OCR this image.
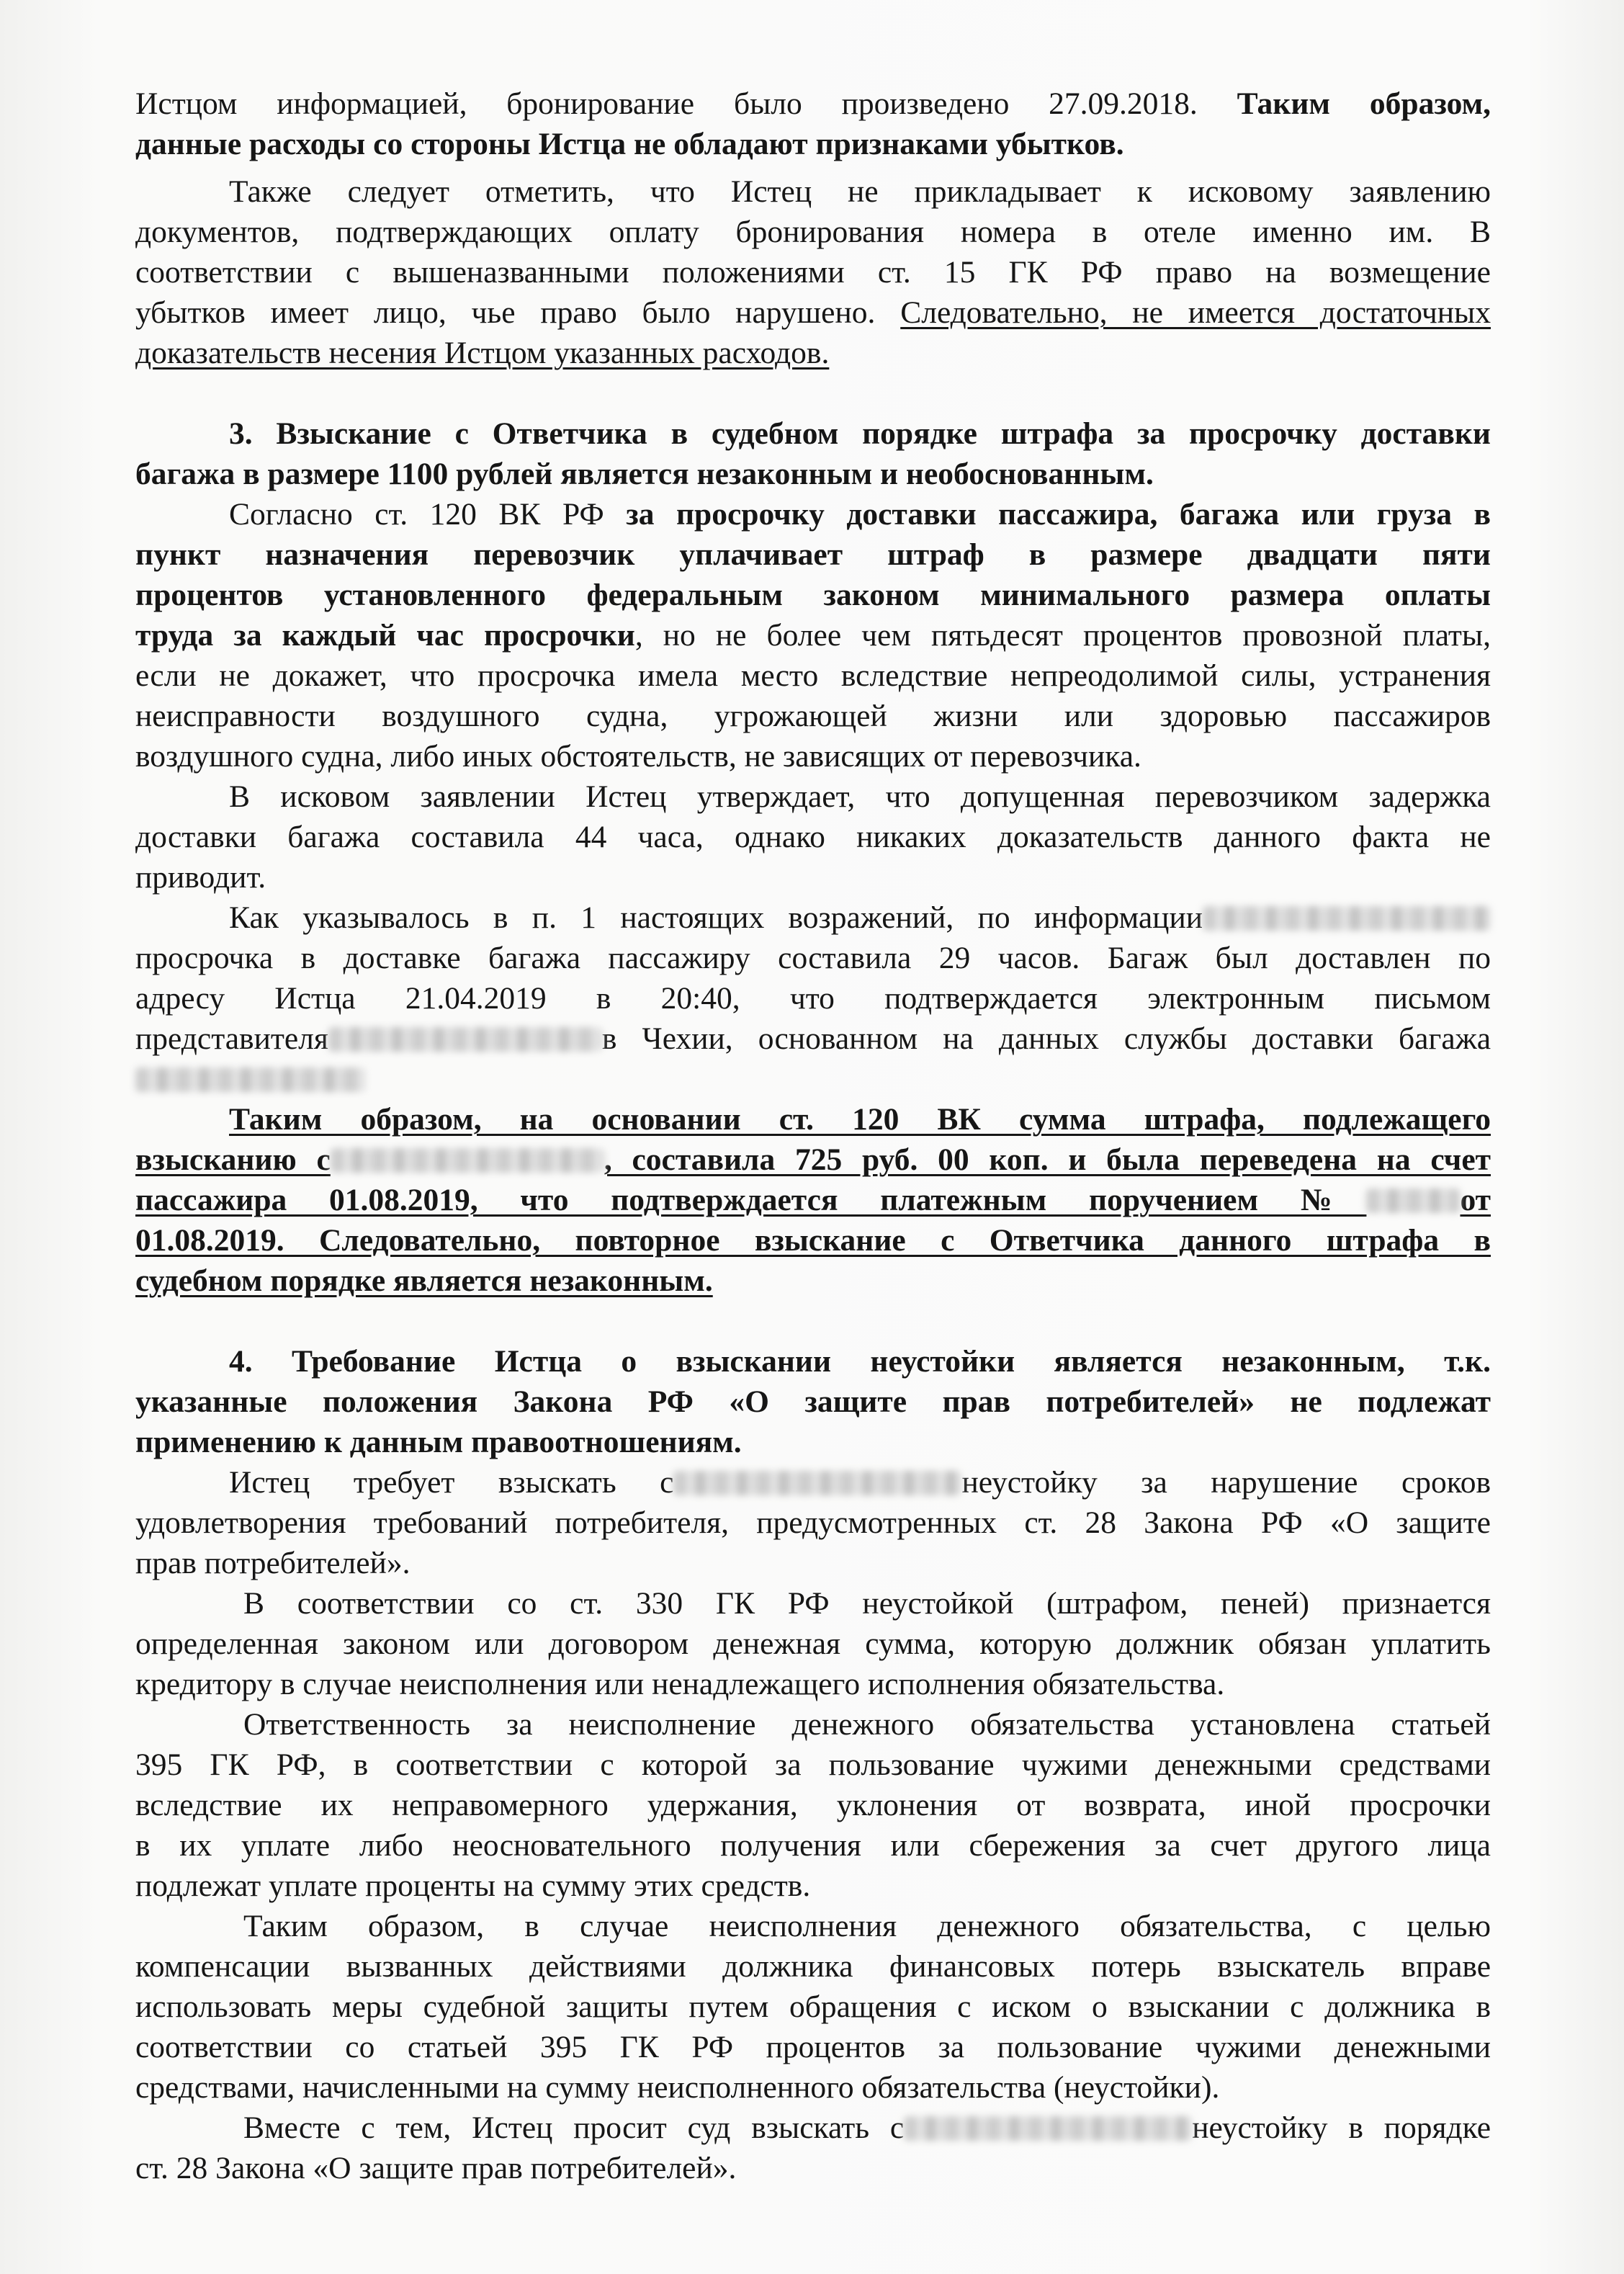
Истцом информацией, бронирование было произведено 27.09.2018. Таким образом,
данные расходы со стороны Истца не обладают признаками убытков.
Также следует отметить, что Истец не прикладывает к исковому заявлению
документов, подтверждающих оплату бронирования номера в отеле именно им. В
соответствии с вышеназванными положениями ст. 15 ГК РФ право на возмещение
убытков имеет лицо, чье право было нарушено. Следовательно, не имеется достаточных
доказательств несения Истцом указанных расходов.
3. Взыскание с Ответчика в судебном порядке штрафа за просрочку доставки
багажа в размере 1100 рублей является незаконным и необоснованным.
Согласно ст. 120 ВК РФ за просрочку доставки пассажира, багажа или груза в
пункт назначения перевозчик уплачивает штраф в размере двадцати пяти
процентов установленного федеральным законом минимального размера оплаты
труда за каждый час просрочки, но не более чем пятьдесят процентов провозной платы,
если не докажет, что просрочка имела место вследствие непреодолимой силы, устранения
неисправности воздушного судна, угрожающей жизни или здоровью пассажиров
воздушного судна, либо иных обстоятельств, не зависящих от перевозчика.
В исковом заявлении Истец утверждает, что допущенная перевозчиком задержка
доставки багажа составила 44 часа, однако никаких доказательств данного факта не
приводит.
Как указывалось в п. 1 настоящих возражений, по информации
просрочка в доставке багажа пассажиру составила 29 часов. Багаж был доставлен по
адресу Истца 21.04.2019 в 20:40, что подтверждается электронным письмом
представителя	в Чехии, основанном на данных службы доставки багажа
Таким образом, на основании ст. 120 ВК сумма штрафа, подлежащего
взысканию с	, составила 725 руб. 00 коп. и была переведена на счет
пассажира 01.08.2019, что подтверждается платежным поручением №	от
01.08.2019. Следовательно, повторное взыскание с Ответчика данного штрафа в
судебном порядке является незаконным.
4. Требование Истца о взыскании неустойки является незаконным, т.к.
указанные положения Закона РФ «О защите прав потребителей» не подлежат
применению к данным правоотношениям.
Истец требует взыскать с	неустойку за нарушение сроков
удовлетворения требований потребителя, предусмотренных ст. 28 Закона РФ «О защите
прав потребителей».
В соответствии со ст. 330 ГК РФ неустойкой (штрафом, пеней) признается
определенная законом или договором денежная сумма, которую должник обязан уплатить
кредитору в случае неисполнения или ненадлежащего исполнения обязательства.
Ответственность за неисполнение денежного обязательства установлена статьей
395 ГК РФ, в соответствии с которой за пользование чужими денежными средствами
вследствие их неправомерного удержания, уклонения от возврата, иной просрочки
в их уплате либо неосновательного получения или сбережения за счет другого лица
подлежат уплате проценты на сумму этих средств.
Таким образом, в случае неисполнения денежного обязательства, с целью
компенсации вызванных действиями должника финансовых потерь взыскатель вправе
использовать меры судебной защиты путем обращения с иском о взыскании с должника в
соответствии со статьей 395 ГК РФ процентов за пользование чужими денежными
средствами, начисленными на сумму неисполненного обязательства (неустойки).
Вместе с тем, Истец просит суд взыскать с	неустойку в порядке
ст. 28 Закона «О защите прав потребителей».
